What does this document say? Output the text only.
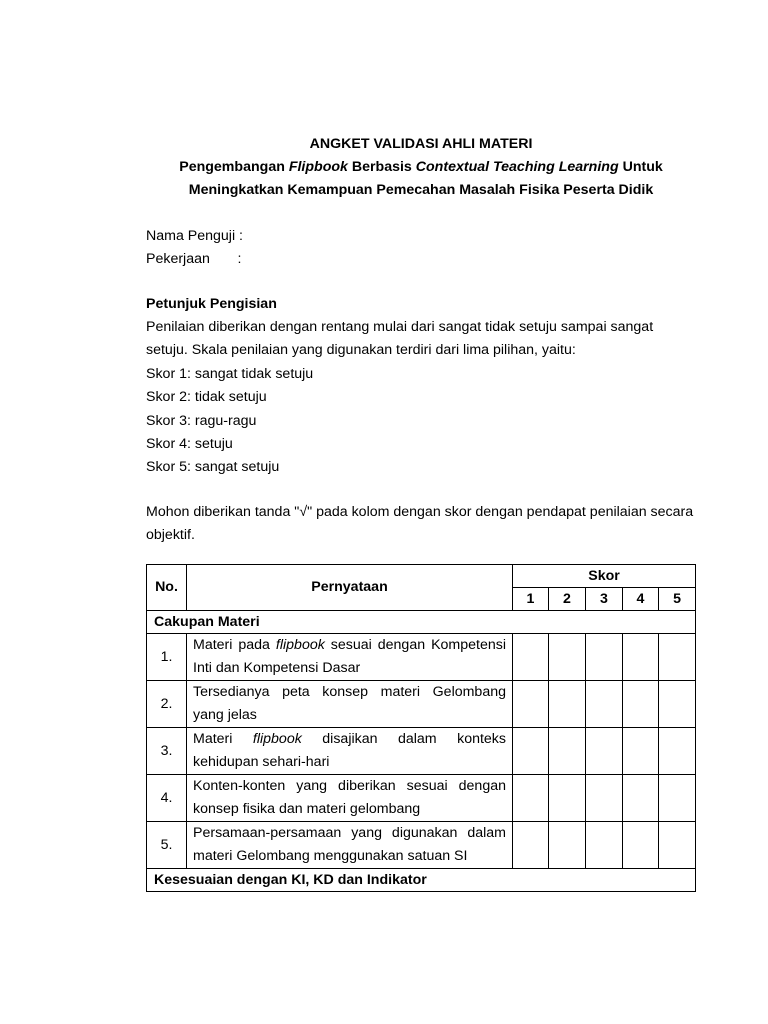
ANGKET VALIDASI AHLI MATERI

Pengembangan Flipbook Berbasis Contextual Teaching Learning Untuk

Meningkatkan Kemampuan Pemecahan Masalah Fisika Peserta Didik

Nama Penguji :

Pekerjaan       :

Petunjuk Pengisian

Penilaian diberikan dengan rentang mulai dari sangat tidak setuju sampai sangat setuju. Skala penilaian yang digunakan terdiri dari lima pilihan, yaitu:

Skor 1: sangat tidak setuju

Skor 2: tidak setuju

Skor 3: ragu-ragu

Skor 4: setuju

Skor 5: sangat setuju

Mohon diberikan tanda "√" pada kolom dengan skor dengan pendapat penilaian secara objektif.

No.	Pernyataan	Skor				
		1	2	3	4	5
Cakupan Materi						
1.	Materi pada flipbook sesuai dengan Kompetensi Inti dan Kompetensi Dasar					
2.	Tersedianya peta konsep materi Gelombang yang jelas					
3.	Materi flipbook disajikan dalam konteks kehidupan sehari-hari					
4.	Konten-konten yang diberikan sesuai dengan konsep fisika dan materi gelombang					
5.	Persamaan-persamaan yang digunakan dalam materi Gelombang menggunakan satuan SI					
Kesesuaian dengan KI, KD dan Indikator						
